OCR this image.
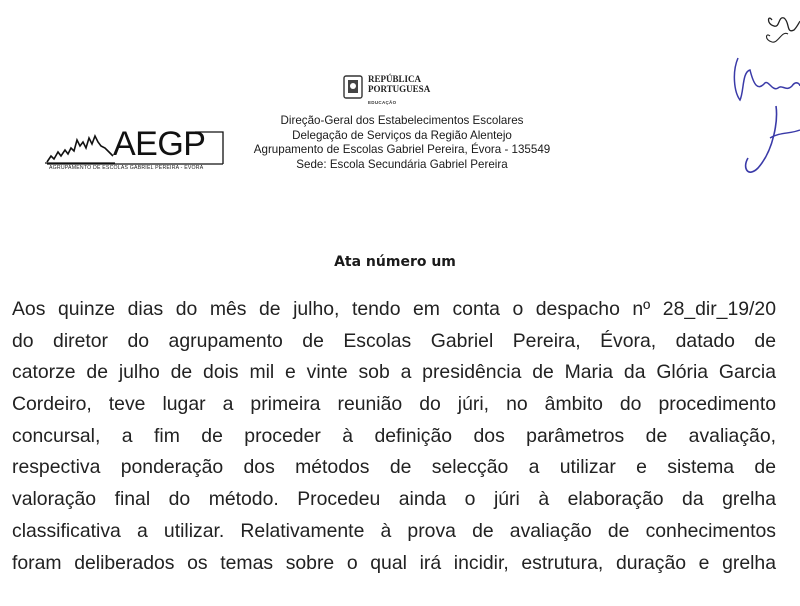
AEGP
AGRUPAMENTO DE ESCOLAS GABRIEL PEREIRA - ÉVORA
REPÚBLICA
PORTUGUESA
EDUCAÇÃO
Direção-Geral dos Estabelecimentos Escolares
Delegação de Serviços da Região Alentejo
Agrupamento de Escolas Gabriel Pereira, Évora - 135549
Sede: Escola Secundária Gabriel Pereira
Ata número um
Aos quinze dias do mês de julho, tendo em conta o despacho nº 28_dir_19/20
do diretor do agrupamento de Escolas Gabriel Pereira, Évora, datado de
catorze de julho de dois mil e vinte sob a presidência de Maria da Glória Garcia
Cordeiro, teve lugar a primeira reunião do júri, no âmbito do procedimento
concursal, a fim de proceder à definição dos parâmetros de avaliação,
respectiva ponderação dos métodos de selecção a utilizar e sistema de
valoração final do método. Procedeu ainda o júri à elaboração da grelha
classificativa a utilizar. Relativamente à prova de avaliação de conhecimentos
foram deliberados os temas sobre o qual irá incidir, estrutura, duração e grelha
